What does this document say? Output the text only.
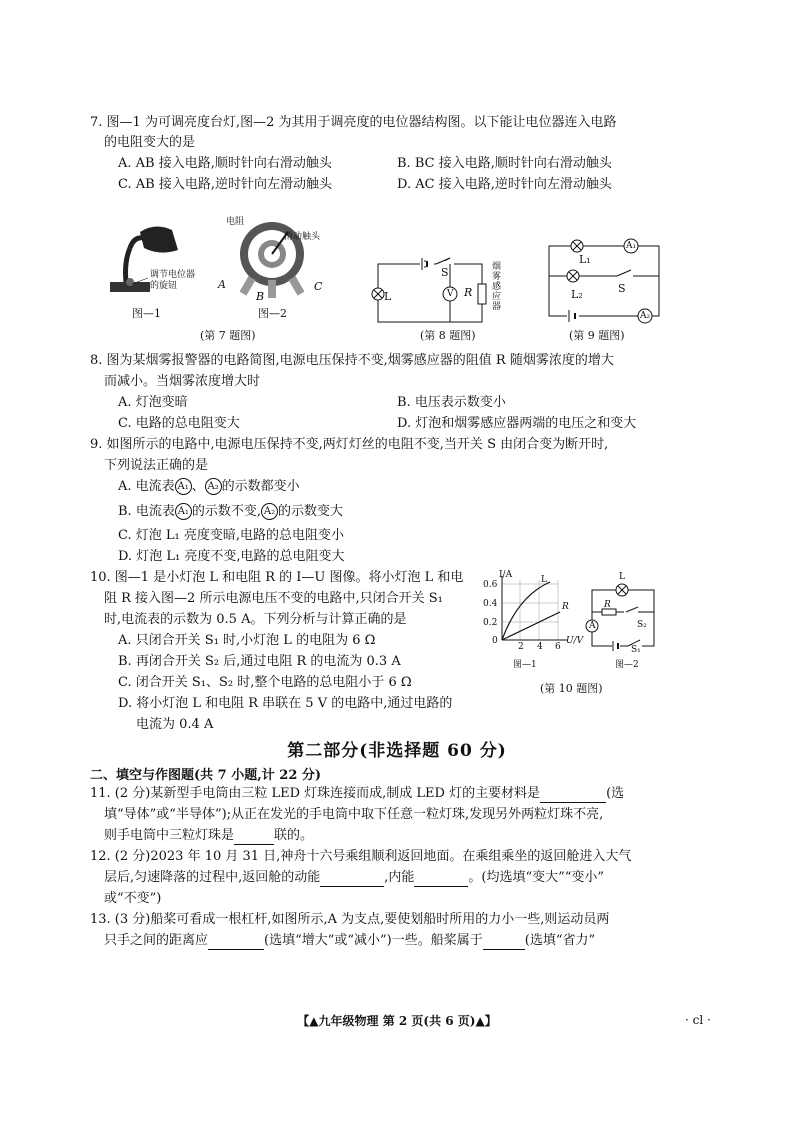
7. 图—1 为可调亮度台灯,图—2 为其用于调亮度的电位器结构图。以下能让电位器连入电路
的电阻变大的是
A. AB 接入电路,顺时针向右滑动触头	B. BC 接入电路,顺时针向右滑动触头
C. AB 接入电路,逆时针向左滑动触头	D. AC 接入电路,逆时针向左滑动触头
调节电位器的旋钮
图—1
电阻
滑动触头
A
B
C
图—2
(第 7 题图)
S
L	V R
烟雾感应器
(第 8 题图)
L₁
L₂
A₁
A₂
S
(第 9 题图)
8. 图为某烟雾报警器的电路简图,电源电压保持不变,烟雾感应器的阻值 R 随烟雾浓度的增大
而减小。当烟雾浓度增大时
A. 灯泡变暗	B. 电压表示数变小
C. 电路的总电阻变大	D. 灯泡和烟雾感应器两端的电压之和变大
9. 如图所示的电路中,电源电压保持不变,两灯灯丝的电阻不变,当开关 S 由闭合变为断开时,
下列说法正确的是
A. 电流表 A₁ 、 A₂ 的示数都变小
B. 电流表 A₁ 的示数不变, A₂ 的示数变大
C. 灯泡 L₁ 亮度变暗,电路的总电阻变小
D. 灯泡 L₁ 亮度不变,电路的总电阻变大
10. 图—1 是小灯泡 L 和电阻 R 的 I—U 图像。将小灯泡 L 和电
阻 R 接入图—2 所示电源电压不变的电路中,只闭合开关 S₁
时,电流表的示数为 0.5 A。下列分析与计算正确的是
A. 只闭合开关 S₁ 时,小灯泡 L 的电阻为 6 Ω
B. 再闭合开关 S₂ 后,通过电阻 R 的电流为 0.3 A
C. 闭合开关 S₁、S₂ 时,整个电路的总电阻小于 6 Ω
D. 将小灯泡 L 和电阻 R 串联在 5 V 的电路中,通过电路的
电流为 0.4 A
I/A
0.6
0.4
0.2
0
2 4 6
U/V
L
R
图—1
L
R
A	S₂
S₁
图—2
(第 10 题图)
第二部分(非选择题 60 分)
二、填空与作图题(共 7 小题,计 22 分)
11. (2 分)某新型手电筒由三粒 LED 灯珠连接而成,制成 LED 灯的主要材料是	(选
填“导体”或“半导体”);从正在发光的手电筒中取下任意一粒灯珠,发现另外两粒灯珠不亮,
则手电筒中三粒灯珠是	联的。
12. (2 分)2023 年 10 月 31 日,神舟十六号乘组顺利返回地面。在乘组乘坐的返回舱进入大气
层后,匀速降落的过程中,返回舱的动能	,内能	。(均选填“变大”“变小”
或“不变”)
13. (3 分)船桨可看成一根杠杆,如图所示,A 为支点,要使划船时所用的力小一些,则运动员两
只手之间的距离应	(选填“增大”或“减小”)一些。船桨属于	(选填“省力”
【▲九年级物理 第 2 页(共 6 页)▲】	· cl ·
